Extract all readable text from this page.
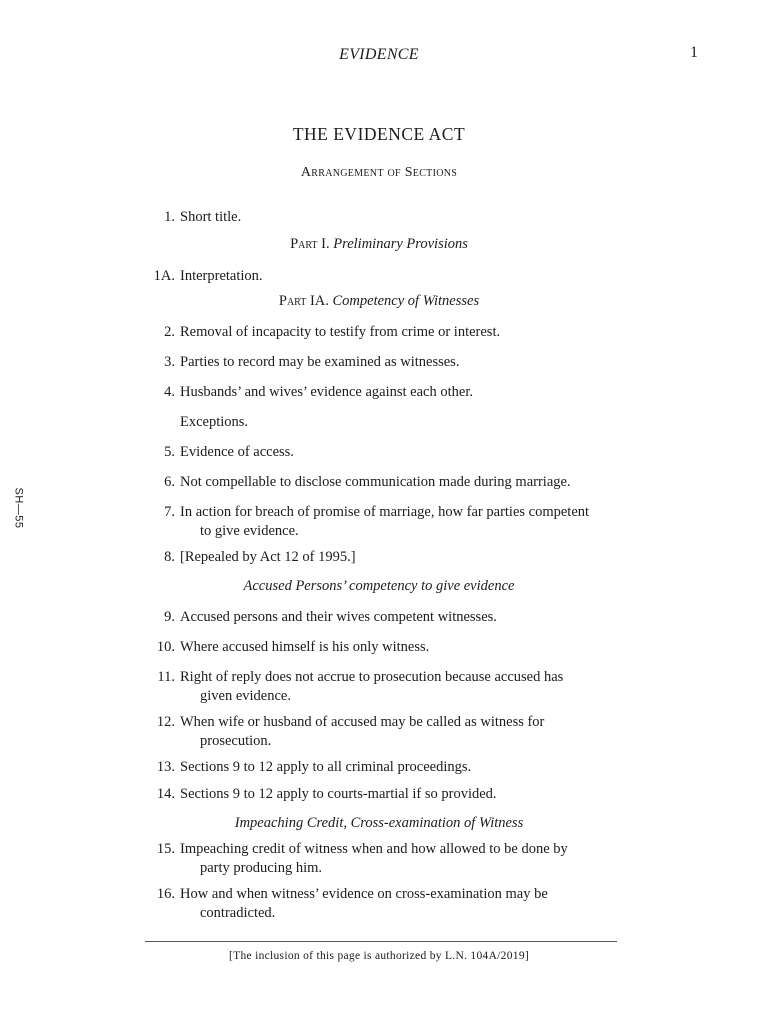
EVIDENCE	1
THE EVIDENCE ACT
Arrangement of Sections
SH—55
1. Short title.
Part I. Preliminary Provisions
1A. Interpretation.
Part IA. Competency of Witnesses
2. Removal of incapacity to testify from crime or interest.
3. Parties to record may be examined as witnesses.
4. Husbands’ and wives’ evidence against each other.
Exceptions.
5. Evidence of access.
6. Not compellable to disclose communication made during marriage.
7. In action for breach of promise of marriage, how far parties competent
to give evidence.
8. [Repealed by Act 12 of 1995.]
Accused Persons’ competency to give evidence
9. Accused persons and their wives competent witnesses.
10. Where accused himself is his only witness.
11. Right of reply does not accrue to prosecution because accused has
given evidence.
12. When wife or husband of accused may be called as witness for
prosecution.
13. Sections 9 to 12 apply to all criminal proceedings.
14. Sections 9 to 12 apply to courts-martial if so provided.
Impeaching Credit, Cross-examination of Witness
15. Impeaching credit of witness when and how allowed to be done by
party producing him.
16. How and when witness’ evidence on cross-examination may be
contradicted.
[The inclusion of this page is authorized by L.N. 104A/2019]
